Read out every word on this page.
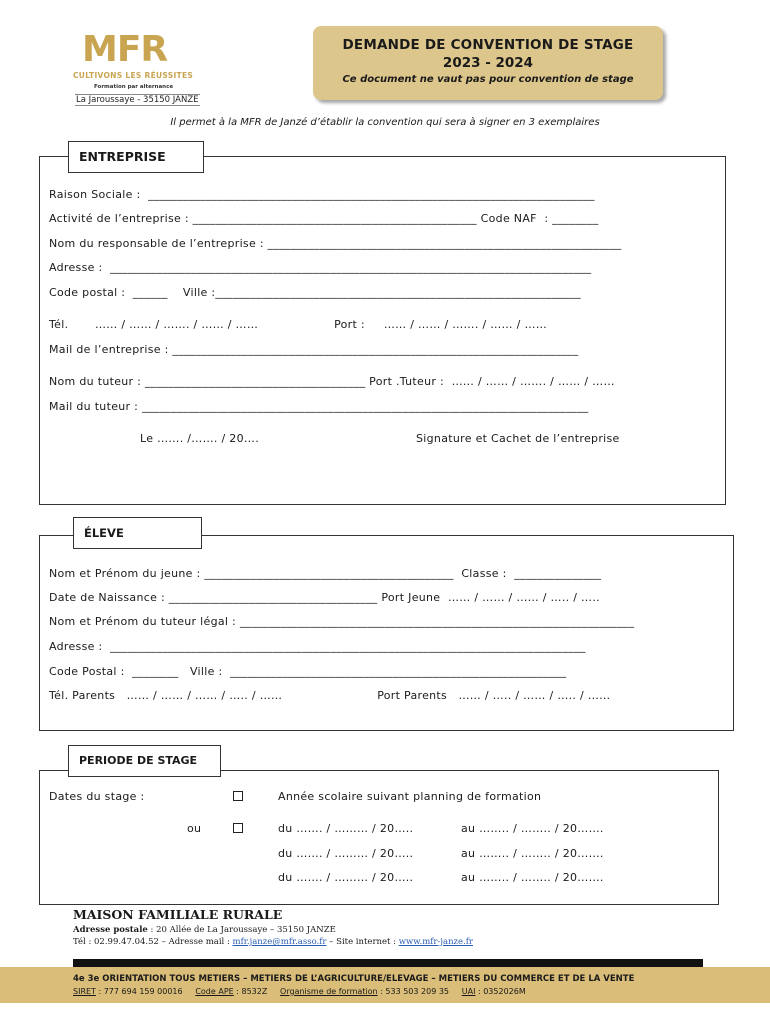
MFR
CULTIVONS LES RÉUSSITES
Formation par alternance
La Jaroussaye - 35150 JANZE
DEMANDE DE CONVENTION DE STAGE
2023 - 2024
Ce document ne vaut pas pour convention de stage
Il permet à la MFR de Janzé d’établir la convention qui sera à signer en 3 exemplaires
ENTREPRISE
Raison Sociale :  _____________________________________________________________________________
Activité de l’entreprise : _________________________________________________ Code NAF  : ________
Nom du responsable de l’entreprise : _____________________________________________________________
Adresse :  ___________________________________________________________________________________
Code postal :  ______    Ville :_______________________________________________________________
Tél.       …… / …… / ……. / …… / ……                    Port :     …… / …… / ……. / …… / ……
Mail de l’entreprise : ______________________________________________________________________
Nom du tuteur : ______________________________________ Port .Tuteur :  …… / …… / ……. / …… / ……
Mail du tuteur : _____________________________________________________________________________
Le ……. /……. / 20….	Signature et Cachet de l’entreprise
ÉLEVE
Nom et Prénom du jeune : ___________________________________________  Classe :  _______________
Date de Naissance : ____________________________________ Port Jeune  …… / …… / …… / ….. / …..
Nom et Prénom du tuteur légal : ____________________________________________________________________
Adresse :  __________________________________________________________________________________
Code Postal :  ________   Ville :  __________________________________________________________
Tél. Parents   …… / …… / …… / ….. / ……                         Port Parents   …… / ….. / …… / ….. / ……
PERIODE DE STAGE
Dates du stage :	Année scolaire suivant planning de formation
ou	du ……. / ……… / 20…..	au …….. / …….. / 20…….
du ……. / ……… / 20…..	au …….. / …….. / 20…….
du ……. / ……… / 20…..	au …….. / …….. / 20…….
MAISON FAMILIALE RURALE
Adresse postale : 20 Allée de La Jaroussaye – 35150 JANZE
Tél : 02.99.47.04.52 – Adresse mail : mfr.janze@mfr.asso.fr – Site internet : www.mfr-janze.fr
4e 3e ORIENTATION TOUS METIERS – METIERS DE L’AGRICULTURE/ELEVAGE – METIERS DU COMMERCE ET DE LA VENTE
SIRET : 777 694 159 00016     Code APE : 8532Z     Organisme de formation : 533 503 209 35     UAI : 0352026M
